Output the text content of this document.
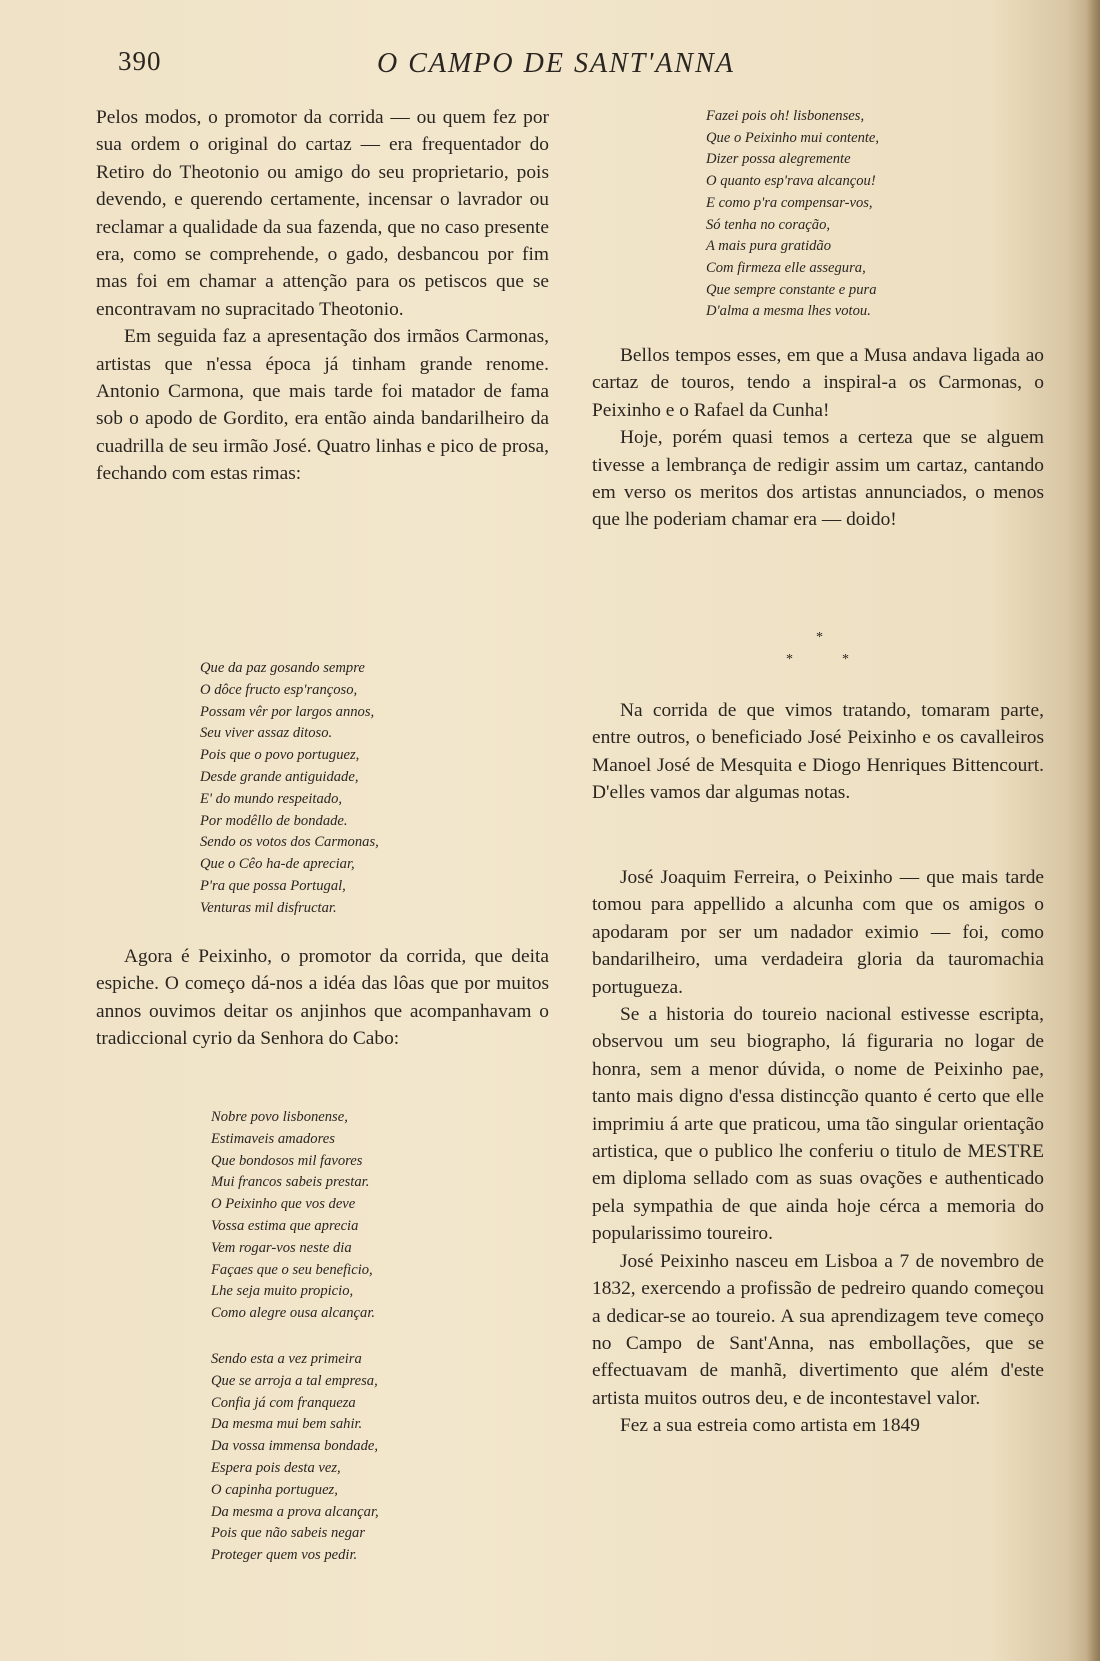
390	O CAMPO DE SANT'ANNA

Pelos modos, o promotor da corrida — ou quem fez por sua ordem o original do cartaz — era frequentador do Retiro do Theotonio ou amigo do seu proprietario, pois devendo, e querendo certamente, incensar o lavrador ou reclamar a qualidade da sua fazenda, que no caso presente era, como se comprehende, o gado, desbancou por fim mas foi em chamar a attenção para os petiscos que se encontravam no supracitado Theotonio.

Em seguida faz a apresentação dos irmãos Carmonas, artistas que n'essa época já tinham grande renome. Antonio Carmona, que mais tarde foi matador de fama sob o apodo de Gordito, era então ainda bandarilheiro da cuadrilla de seu irmão José. Quatro linhas e pico de prosa, fechando com estas rimas:

Que da paz gosando sempre
O dôce fructo esp'rançoso,
Possam vêr por largos annos,
Seu viver assaz ditoso.
Pois que o povo portuguez,
Desde grande antiguidade,
E' do mundo respeitado,
Por modêllo de bondade.
Sendo os votos dos Carmonas,
Que o Cêo ha-de apreciar,
P'ra que possa Portugal,
Venturas mil disfructar.

Agora é Peixinho, o promotor da corrida, que deita espiche. O começo dá-nos a idéa das lôas que por muitos annos ouvimos deitar os anjinhos que acompanhavam o tradiccional cyrio da Senhora do Cabo:

Nobre povo lisbonense,
Estimaveis amadores
Que bondosos mil favores
Mui francos sabeis prestar.
O Peixinho que vos deve
Vossa estima que aprecia
Vem rogar-vos neste dia
Façaes que o seu beneficio,
Lhe seja muito propicio,
Como alegre ousa alcançar.
Sendo esta a vez primeira
Que se arroja a tal empresa,
Confia já com franqueza
Da mesma mui bem sahir.
Da vossa immensa bondade,
Espera pois desta vez,
O capinha portuguez,
Da mesma a prova alcançar,
Pois que não sabeis negar
Proteger quem vos pedir.
Fazei pois oh! lisbonenses,
Que o Peixinho mui contente,
Dizer possa alegremente
O quanto esp'rava alcançou!
E como p'ra compensar-vos,
Só tenha no coração,
A mais pura gratidão
Com firmeza elle assegura,
Que sempre constante e pura
D'alma a mesma lhes votou.

Bellos tempos esses, em que a Musa andava ligada ao cartaz de touros, tendo a inspiral-a os Carmonas, o Peixinho e o Rafael da Cunha!

Hoje, porém quasi temos a certeza que se alguem tivesse a lembrança de redigir assim um cartaz, cantando em verso os meritos dos artistas annunciados, o menos que lhe poderiam chamar era — doido!

*
*	*

Na corrida de que vimos tratando, tomaram parte, entre outros, o beneficiado José Peixinho e os cavalleiros Manoel José de Mesquita e Diogo Henriques Bittencourt. D'elles vamos dar algumas notas.

José Joaquim Ferreira, o Peixinho — que mais tarde tomou para appellido a alcunha com que os amigos o apodaram por ser um nadador eximio — foi, como bandarilheiro, uma verdadeira gloria da tauromachia portugueza.

Se a historia do toureio nacional estivesse escripta, observou um seu biographo, lá figuraria no logar de honra, sem a menor dúvida, o nome de Peixinho pae, tanto mais digno d'essa distincção quanto é certo que elle imprimiu á arte que praticou, uma tão singular orientação artistica, que o publico lhe conferiu o titulo de MESTRE em diploma sellado com as suas ovações e authenticado pela sympathia de que ainda hoje cérca a memoria do popularissimo toureiro.

José Peixinho nasceu em Lisboa a 7 de novembro de 1832, exercendo a profissão de pedreiro quando começou a dedicar-se ao toureio. A sua aprendizagem teve começo no Campo de Sant'Anna, nas embollações, que se effectuavam de manhã, divertimento que além d'este artista muitos outros deu, e de incontestavel valor.

Fez a sua estreia como artista em 1849
